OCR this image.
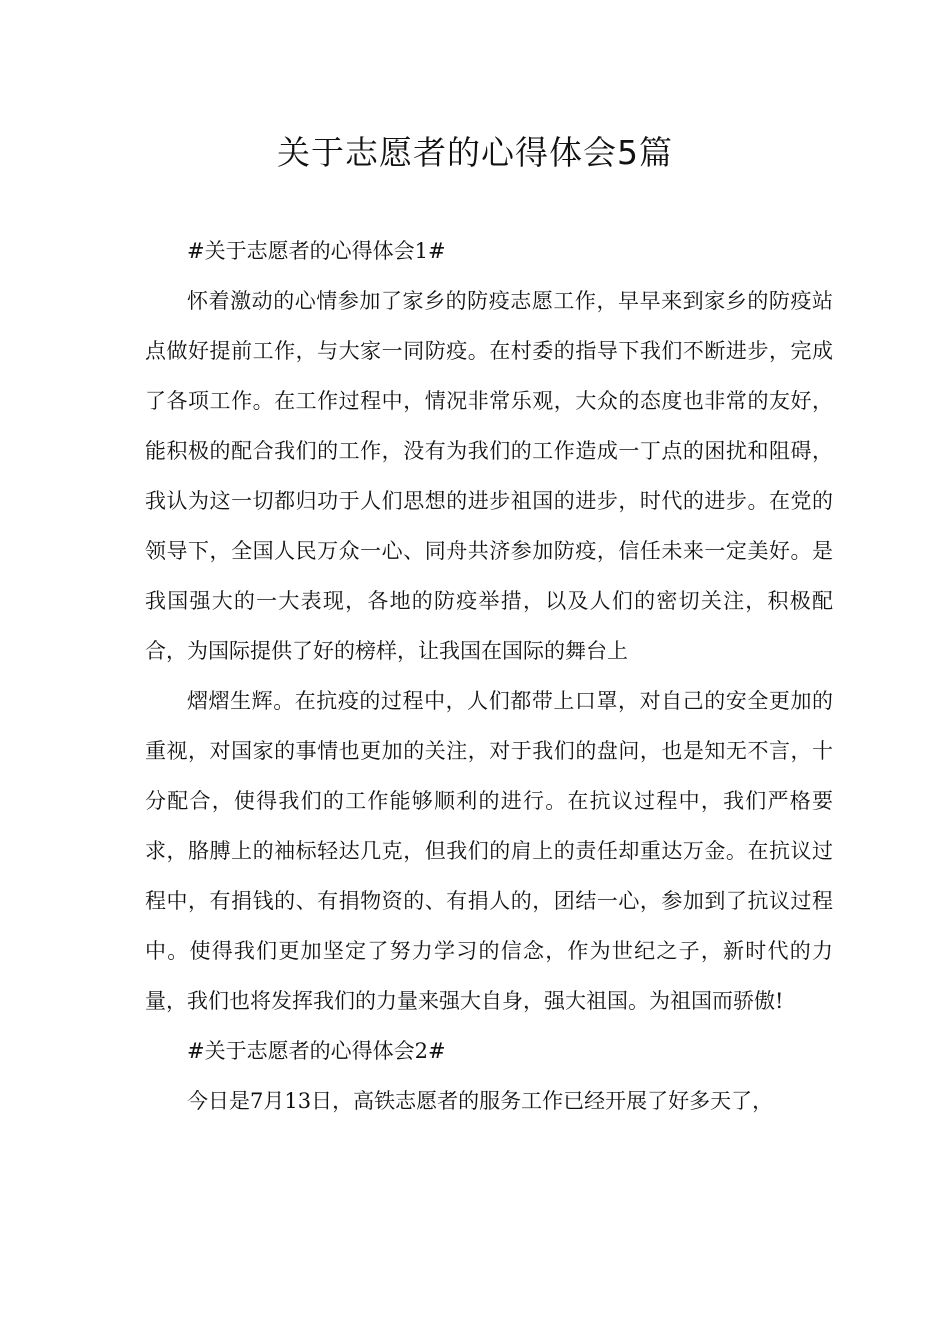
关于志愿者的心得体会5篇

#关于志愿者的心得体会1#

怀着激动的心情参加了家乡的防疫志愿工作，早早来到家乡的防疫站点做好提前工作，与大家一同防疫。在村委的指导下我们不断进步，完成了各项工作。在工作过程中，情况非常乐观，大众的态度也非常的友好，能积极的配合我们的工作，没有为我们的工作造成一丁点的困扰和阻碍，我认为这一切都归功于人们思想的进步祖国的进步，时代的进步。在党的领导下，全国人民万众一心、同舟共济参加防疫，信任未来一定美好。是我国强大的一大表现，各地的防疫举措，以及人们的密切关注，积极配合，为国际提供了好的榜样，让我国在国际的舞台上

熠熠生辉。在抗疫的过程中，人们都带上口罩，对自己的安全更加的重视，对国家的事情也更加的关注，对于我们的盘问，也是知无不言，十分配合，使得我们的工作能够顺利的进行。在抗议过程中，我们严格要求，胳膊上的袖标轻达几克，但我们的肩上的责任却重达万金。在抗议过程中，有捐钱的、有捐物资的、有捐人的，团结一心，参加到了抗议过程中。使得我们更加坚定了努力学习的信念，作为世纪之子，新时代的力量，我们也将发挥我们的力量来强大自身，强大祖国。为祖国而骄傲!

#关于志愿者的心得体会2#

今日是7月13日，高铁志愿者的服务工作已经开展了好多天了，
